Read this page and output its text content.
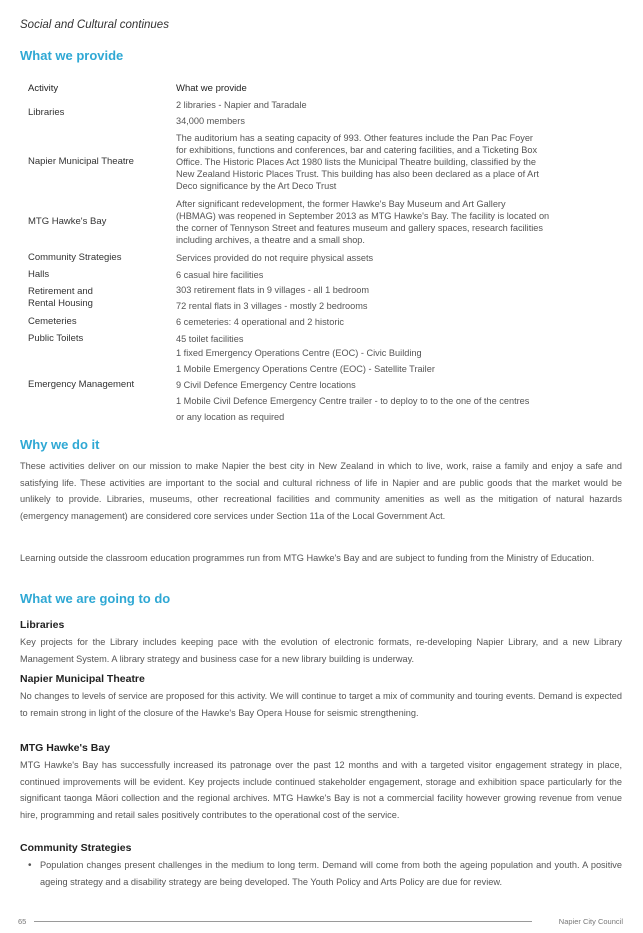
Social and Cultural continues
What we provide
Activity	What we provide

Libraries	2 libraries - Napier and Taradale
34,000 members

Napier Municipal Theatre	The auditorium has a seating capacity of 993. Other features include the Pan Pac Foyer
for exhibitions, functions and conferences, bar and catering facilities, and a Ticketing Box
Office. The Historic Places Act 1980 lists the Municipal Theatre building, classified by the
New Zealand Historic Places Trust. This building has also been declared as a place of Art
Deco significance by the Art Deco Trust

MTG Hawke's Bay	After significant redevelopment, the former Hawke's Bay Museum and Art Gallery
(HBMAG) was reopened in September 2013 as MTG Hawke's Bay. The facility is located on
the corner of Tennyson Street and features museum and gallery spaces, research facilities
including archives, a theatre and a small shop.

Community Strategies	Services provided do not require physical assets

Halls	6 casual hire facilities

Retirement and
Rental Housing	303 retirement flats in 9 villages - all 1 bedroom
72 rental flats in 3 villages - mostly 2 bedrooms

Cemeteries	6 cemeteries: 4 operational and 2 historic

Public Toilets	45 toilet facilities

Emergency Management	1 fixed Emergency Operations Centre (EOC) - Civic Building
1 Mobile Emergency Operations Centre (EOC) - Satellite Trailer
9 Civil Defence Emergency Centre locations
1 Mobile Civil Defence Emergency Centre trailer - to deploy to to the one of the centres
or any location as required
Why we do it
These activities deliver on our mission to make Napier the best city in New Zealand in which to live, work, raise a family and enjoy a safe and satisfying life. These activities are important to the social and cultural richness of life in Napier and are public goods that the market would be unlikely to provide. Libraries, museums, other recreational facilities and community amenities as well as the mitigation of natural hazards (emergency management) are considered core services under Section 11a of the Local Government Act.
Learning outside the classroom education programmes run from MTG Hawke's Bay and are subject to funding from the Ministry of Education.
What we are going to do
Libraries
Key projects for the Library includes keeping pace with the evolution of electronic formats, re-developing Napier Library, and a new Library Management System. A library strategy and business case for a new library building is underway.
Napier Municipal Theatre
No changes to levels of service are proposed for this activity. We will continue to target a mix of community and touring events. Demand is expected to remain strong in light of the closure of the Hawke's Bay Opera House for seismic strengthening.
MTG Hawke's Bay
MTG Hawke's Bay has successfully increased its patronage over the past 12 months and with a targeted visitor engagement strategy in place, continued improvements will be evident. Key projects include continued stakeholder engagement, storage and exhibition space particularly for the significant taonga Māori collection and the regional archives. MTG Hawke's Bay is not a commercial facility however growing revenue from venue hire, programming and retail sales positively contributes to the operational cost of the service.
Community Strategies
• Population changes present challenges in the medium to long term. Demand will come from both the ageing population and youth. A positive ageing strategy and a disability strategy are being developed. The Youth Policy and Arts Policy are due for review.
65	Napier City Council
